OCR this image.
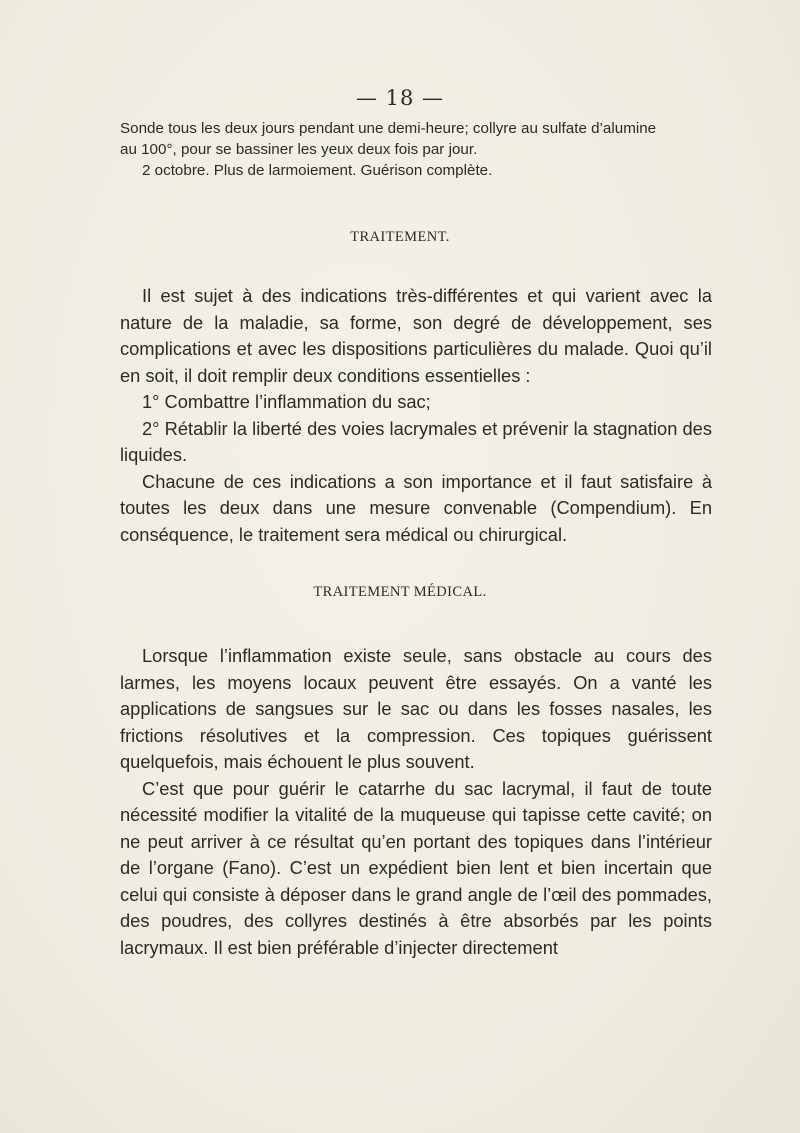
— 18 —

Sonde tous les deux jours pendant une demi-heure; collyre au sulfate d’alumine

au 100°, pour se bassiner les yeux deux fois par jour.

2 octobre. Plus de larmoiement. Guérison complète.

TRAITEMENT.

Il est sujet à des indications très-différentes et qui varient avec la nature de la maladie, sa forme, son degré de développement, ses complications et avec les dispositions particulières du malade. Quoi qu’il en soit, il doit remplir deux conditions essentielles :

1° Combattre l’inflammation du sac;

2° Rétablir la liberté des voies lacrymales et prévenir la stagnation des liquides.

Chacune de ces indications a son importance et il faut satisfaire à toutes les deux dans une mesure convenable (Compendium). En conséquence, le traitement sera médical ou chirurgical.

TRAITEMENT MÉDICAL.

Lorsque l’inflammation existe seule, sans obstacle au cours des larmes, les moyens locaux peuvent être essayés. On a vanté les applications de sangsues sur le sac ou dans les fosses nasales, les frictions résolutives et la compression. Ces topiques guérissent quelquefois, mais échouent le plus souvent.

C’est que pour guérir le catarrhe du sac lacrymal, il faut de toute nécessité modifier la vitalité de la muqueuse qui tapisse cette cavité; on ne peut arriver à ce résultat qu’en portant des topiques dans l’intérieur de l’organe (Fano). C’est un expédient bien lent et bien incertain que celui qui consiste à déposer dans le grand angle de l’œil des pommades, des poudres, des collyres destinés à être absorbés par les points lacrymaux. Il est bien préférable d’injecter directement
